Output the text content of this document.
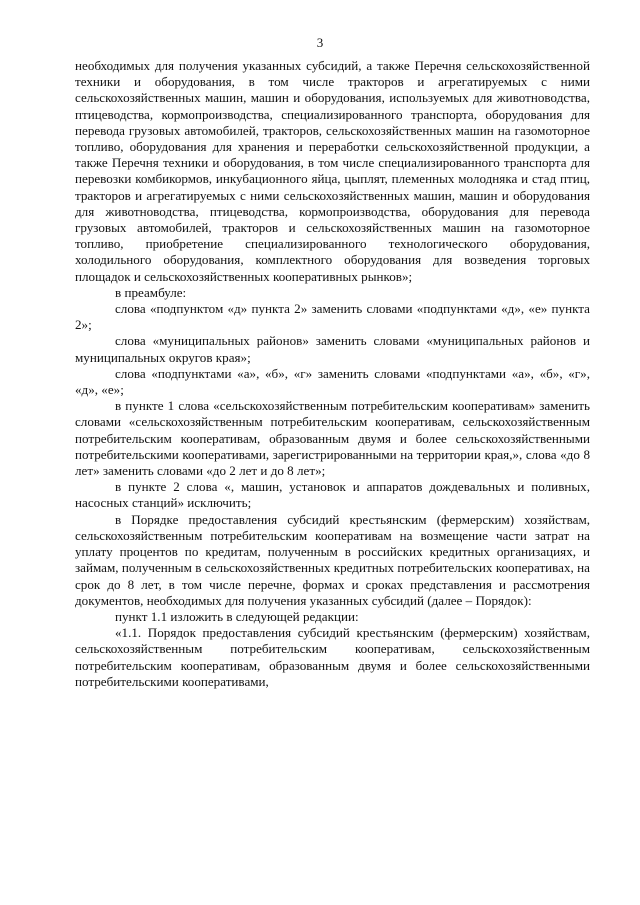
3

необходимых для получения указанных субсидий, а также Перечня сельскохозяйственной техники и оборудования, в том числе тракторов и агрегатируемых с ними сельскохозяйственных машин, машин и оборудования, используемых для животноводства, птицеводства, кормопроизводства, специализированного транспорта, оборудования для перевода грузовых автомобилей, тракторов, сельскохозяйственных машин на газомоторное топливо, оборудования для хранения и переработки сельскохозяйственной продукции, а также Перечня техники и оборудования, в том числе специализированного транспорта для перевозки комбикормов, инкубационного яйца, цыплят, племенных молодняка и стад птиц, тракторов и агрегатируемых с ними сельскохозяйственных машин, машин и оборудования для животноводства, птицеводства, кормопроизводства, оборудования для перевода грузовых автомобилей, тракторов и сельскохозяйственных машин на газомоторное топливо, приобретение специализированного технологического оборудования, холодильного оборудования, комплектного оборудования для возведения торговых площадок и сельскохозяйственных кооперативных рынков»;

в преамбуле:

слова «подпунктом «д» пункта 2» заменить словами «подпунктами «д», «е» пункта 2»;

слова «муниципальных районов» заменить словами «муниципальных районов и муниципальных округов края»;

слова «подпунктами «а», «б», «г» заменить словами «подпунктами «а», «б», «г», «д», «е»;

в пункте 1 слова «сельскохозяйственным потребительским кооперативам» заменить словами «сельскохозяйственным потребительским кооперативам, сельскохозяйственным потребительским кооперативам, образованным двумя и более сельскохозяйственными потребительскими кооперативами, зарегистрированными на территории края,», слова «до 8 лет» заменить словами «до 2 лет и до 8 лет»;

в пункте 2 слова «, машин, установок и аппаратов дождевальных и поливных, насосных станций» исключить;

в Порядке предоставления субсидий крестьянским (фермерским) хозяйствам, сельскохозяйственным потребительским кооперативам на возмещение части затрат на уплату процентов по кредитам, полученным в российских кредитных организациях, и займам, полученным в сельскохозяйственных кредитных потребительских кооперативах, на срок до 8 лет, в том числе перечне, формах и сроках представления и рассмотрения документов, необходимых для получения указанных субсидий (далее – Порядок):

пункт 1.1 изложить в следующей редакции:

«1.1. Порядок предоставления субсидий крестьянским (фермерским) хозяйствам, сельскохозяйственным потребительским кооперативам, сельскохозяйственным потребительским кооперативам, образованным двумя и более сельскохозяйственными потребительскими кооперативами,
